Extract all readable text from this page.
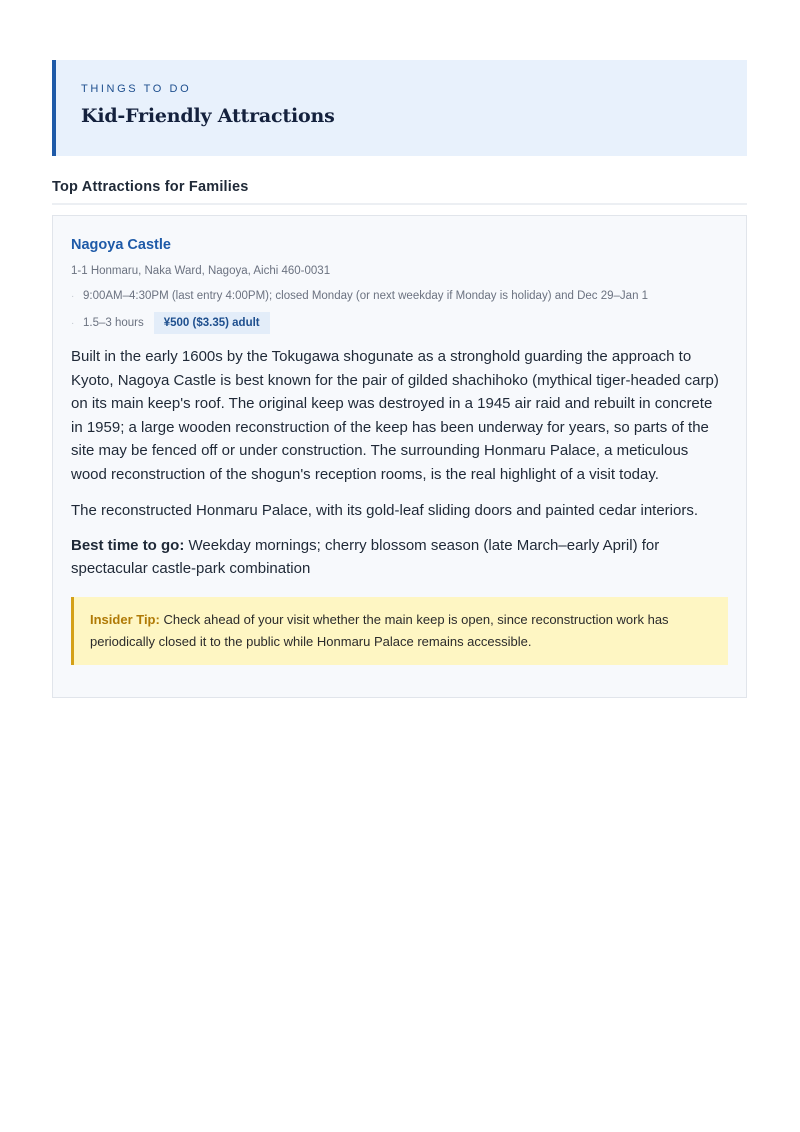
THINGS TO DO
Kid-Friendly Attractions
Top Attractions for Families
Nagoya Castle
1-1 Honmaru, Naka Ward, Nagoya, Aichi 460-0031
· 9:00AM–4:30PM (last entry 4:00PM); closed Monday (or next weekday if Monday is holiday) and Dec 29–Jan 1
· 1.5–3 hours	¥500 ($3.35) adult
Built in the early 1600s by the Tokugawa shogunate as a stronghold guarding the approach to Kyoto, Nagoya Castle is best known for the pair of gilded shachihoko (mythical tiger-headed carp) on its main keep's roof. The original keep was destroyed in a 1945 air raid and rebuilt in concrete in 1959; a large wooden reconstruction of the keep has been underway for years, so parts of the site may be fenced off or under construction. The surrounding Honmaru Palace, a meticulous wood reconstruction of the shogun's reception rooms, is the real highlight of a visit today.
The reconstructed Honmaru Palace, with its gold-leaf sliding doors and painted cedar interiors.
Best time to go: Weekday mornings; cherry blossom season (late March–early April) for spectacular castle-park combination
Insider Tip: Check ahead of your visit whether the main keep is open, since reconstruction work has periodically closed it to the public while Honmaru Palace remains accessible.
